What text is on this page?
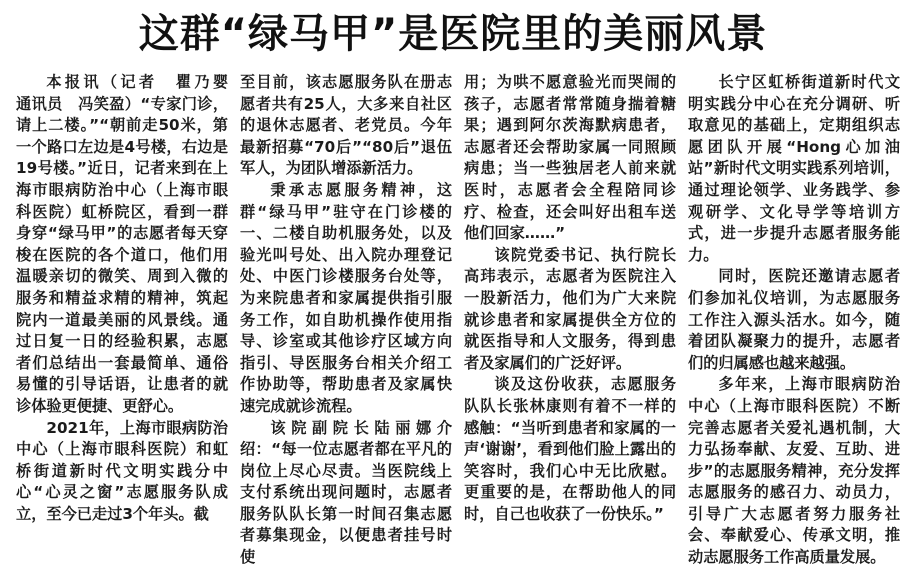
这群“绿马甲”是医院里的美丽风景

本报讯（记者　瞿乃婴　通讯员　冯笑盈）“专家门诊，请上二楼。”“朝前走50米，第一个路口左边是4号楼，右边是19号楼。”近日，记者来到在上海市眼病防治中心（上海市眼科医院）虹桥院区，看到一群身穿“绿马甲”的志愿者每天穿梭在医院的各个道口，他们用温暖亲切的微笑、周到入微的服务和精益求精的精神，筑起院内一道最美丽的风景线。通过日复一日的经验积累，志愿者们总结出一套最简单、通俗易懂的引导话语，让患者的就诊体验更便捷、更舒心。

2021年，上海市眼病防治中心（上海市眼科医院）和虹桥街道新时代文明实践分中心“心灵之窗”志愿服务队成立，至今已走过3个年头。截

至目前，该志愿服务队在册志愿者共有25人，大多来自社区的退休志愿者、老党员。今年最新招募“70后”“80后”退伍军人，为团队增添新活力。

秉承志愿服务精神，这群“绿马甲”驻守在门诊楼的一、二楼自助机服务处，以及验光叫号处、出入院办理登记处、中医门诊楼服务台处等，为来院患者和家属提供指引服务工作，如自助机操作使用指导、诊室或其他诊疗区域方向指引、导医服务台相关介绍工作协助等，帮助患者及家属快速完成就诊流程。

该院副院长陆丽娜介绍：“每一位志愿者都在平凡的岗位上尽心尽责。当医院线上支付系统出现问题时，志愿者服务队队长第一时间召集志愿者募集现金，以便患者挂号时使

用；为哄不愿意验光而哭闹的孩子，志愿者常常随身揣着糖果；遇到阿尔茨海默病患者，志愿者还会帮助家属一同照顾病患；当一些独居老人前来就医时，志愿者会全程陪同诊疗、检查，还会叫好出租车送他们回家……”

该院党委书记、执行院长高玮表示，志愿者为医院注入一股新活力，他们为广大来院就诊患者和家属提供全方位的就医指导和人文服务，得到患者及家属们的广泛好评。

谈及这份收获，志愿服务队队长张林康则有着不一样的感触：“当听到患者和家属的一声‘谢谢’，看到他们脸上露出的笑容时，我们心中无比欣慰。更重要的是，在帮助他人的同时，自己也收获了一份快乐。”

长宁区虹桥街道新时代文明实践分中心在充分调研、听取意见的基础上，定期组织志愿团队开展“Hong心加油站”新时代文明实践系列培训，通过理论领学、业务践学、参观研学、文化导学等培训方式，进一步提升志愿者服务能力。

同时，医院还邀请志愿者们参加礼仪培训，为志愿服务工作注入源头活水。如今，随着团队凝聚力的提升，志愿者们的归属感也越来越强。

多年来，上海市眼病防治中心（上海市眼科医院）不断完善志愿者关爱礼遇机制，大力弘扬奉献、友爱、互助、进步”的志愿服务精神，充分发挥志愿服务的感召力、动员力，引导广大志愿者努力服务社会、奉献爱心、传承文明，推动志愿服务工作高质量发展。
